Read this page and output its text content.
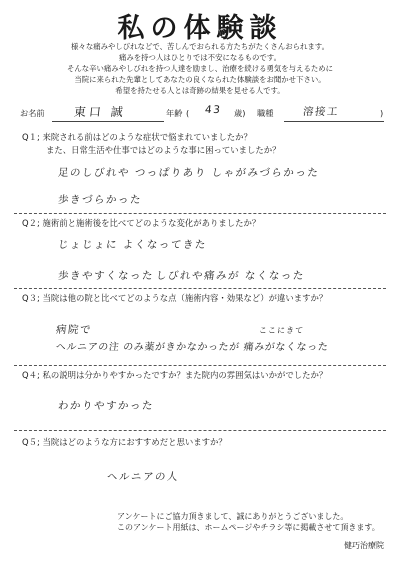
私の体験談
様々な痛みやしびれなどで、苦しんでおられる方たちがたくさんおられます。
痛みを持つ人はひとりでは不安になるものです。
そんな辛い痛みやしびれを持つ人達を励まし、治療を続ける勇気を与えるために
当院に来られた先輩としてあなたの良くなられた体験談をお聞かせ下さい。
希望を持たせる人とは奇跡の結果を見せる人です。
お名前 東口 誠	年齢 ( 43 歳) 職種	溶接工	)
Q１; 来院される前はどのような症状で悩まれていましたか？
また、日常生活や仕事ではどのような事に困っていましたか？
足のしびれや つっぱりあり しゃがみづらかった
歩きづらかった
Q２; 施術前と施術後を比べてどのような変化がありましたか？
じょじょに よくなってきた
歩きやすくなった しびれや痛みが なくなった
Q３; 当院は他の院と比べてどのような点（施術内容・効果など）が違いますか？
病院で	ここにきて
ヘルニアの注 のみ薬がきかなかったが 痛みがなくなった
Q４; 私の説明は分かりやすかったですか？また院内の雰囲気はいかがでしたか？
わかりやすかった
Q５; 当院はどのような方におすすめだと思いますか？
ヘルニアの人
アンケートにご協力頂きまして、誠にありがとうございました。
このアンケート用紙は、ホームページやチラシ等に掲載させて頂きます。
健巧治療院
